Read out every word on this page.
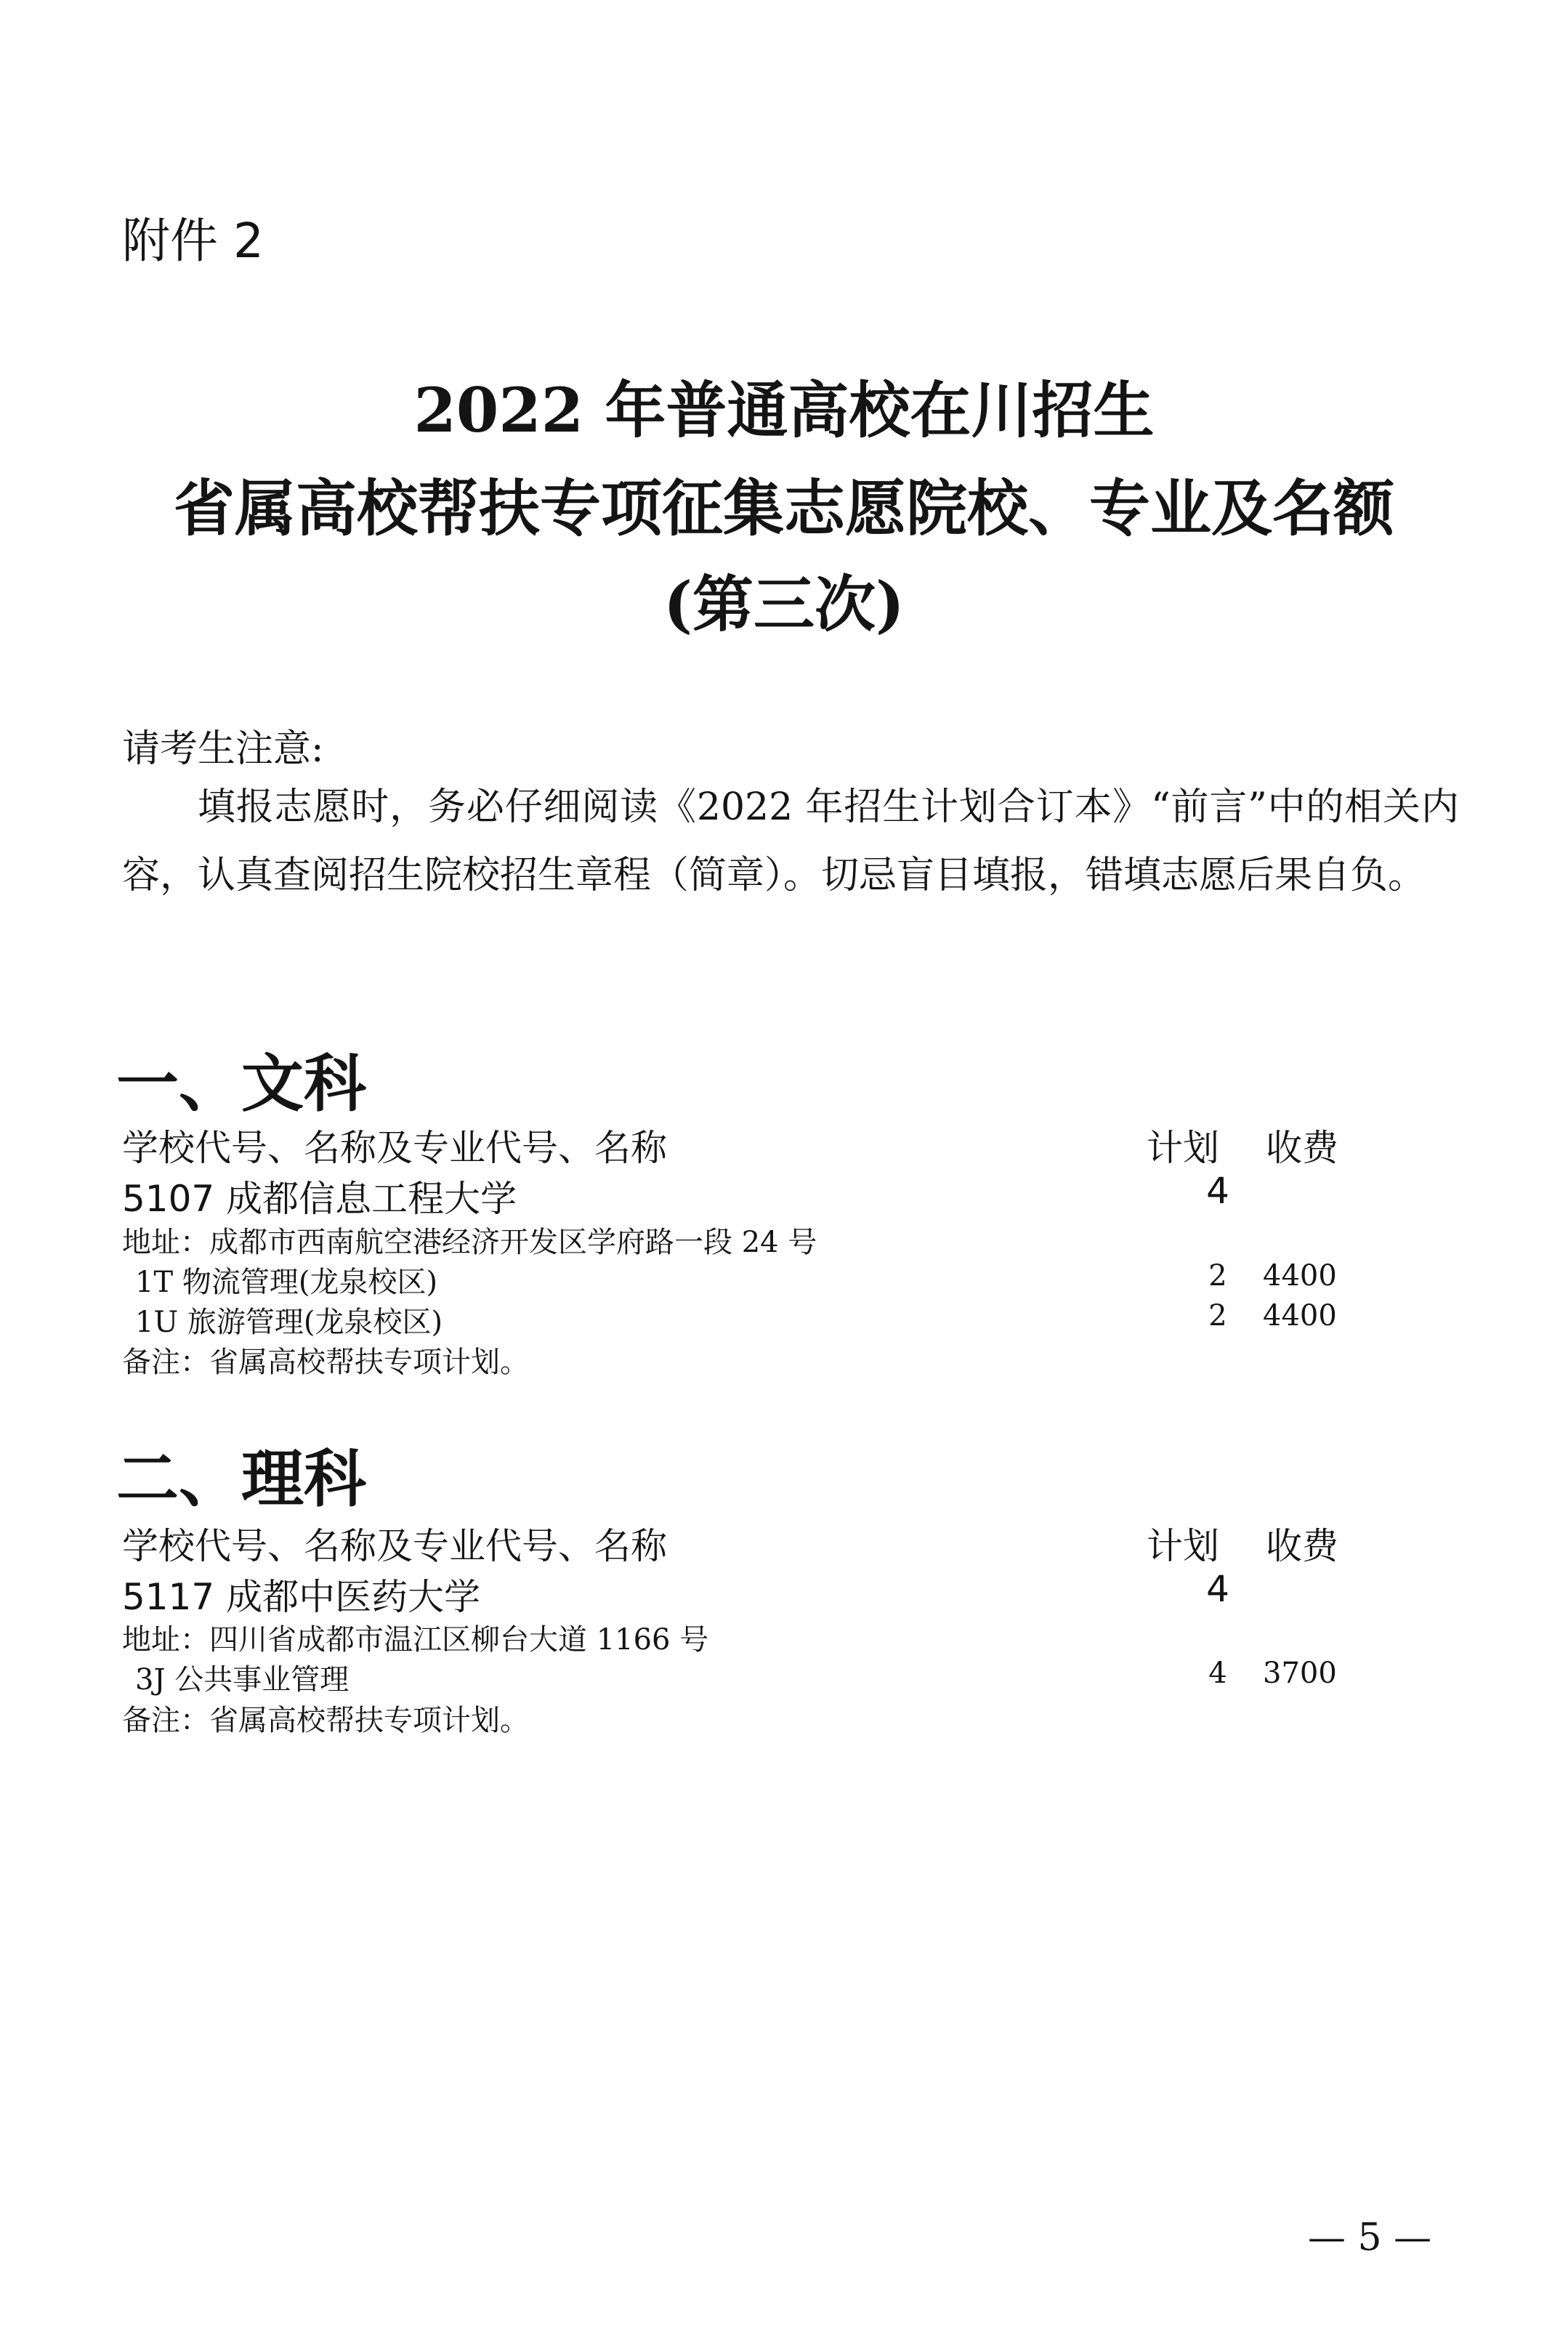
附件 2
2022 年普通高校在川招生
省属高校帮扶专项征集志愿院校、专业及名额
(第三次)
请考生注意:
填报志愿时，务必仔细阅读《2022 年招生计划合订本》“前言”中的相关内容，认真查阅招生院校招生章程（简章）。切忌盲目填报，错填志愿后果自负。
一、文科
学校代号、名称及专业代号、名称	计划 收费
5107 成都信息工程大学	4
地址：成都市西南航空港经济开发区学府路一段 24 号
1T 物流管理(龙泉校区)	2 4400
1U 旅游管理(龙泉校区)	2 4400
备注：省属高校帮扶专项计划。
二、理科
学校代号、名称及专业代号、名称	计划 收费
5117 成都中医药大学	4
地址：四川省成都市温江区柳台大道 1166 号
3J 公共事业管理	4 3700
备注：省属高校帮扶专项计划。
— 5 —
